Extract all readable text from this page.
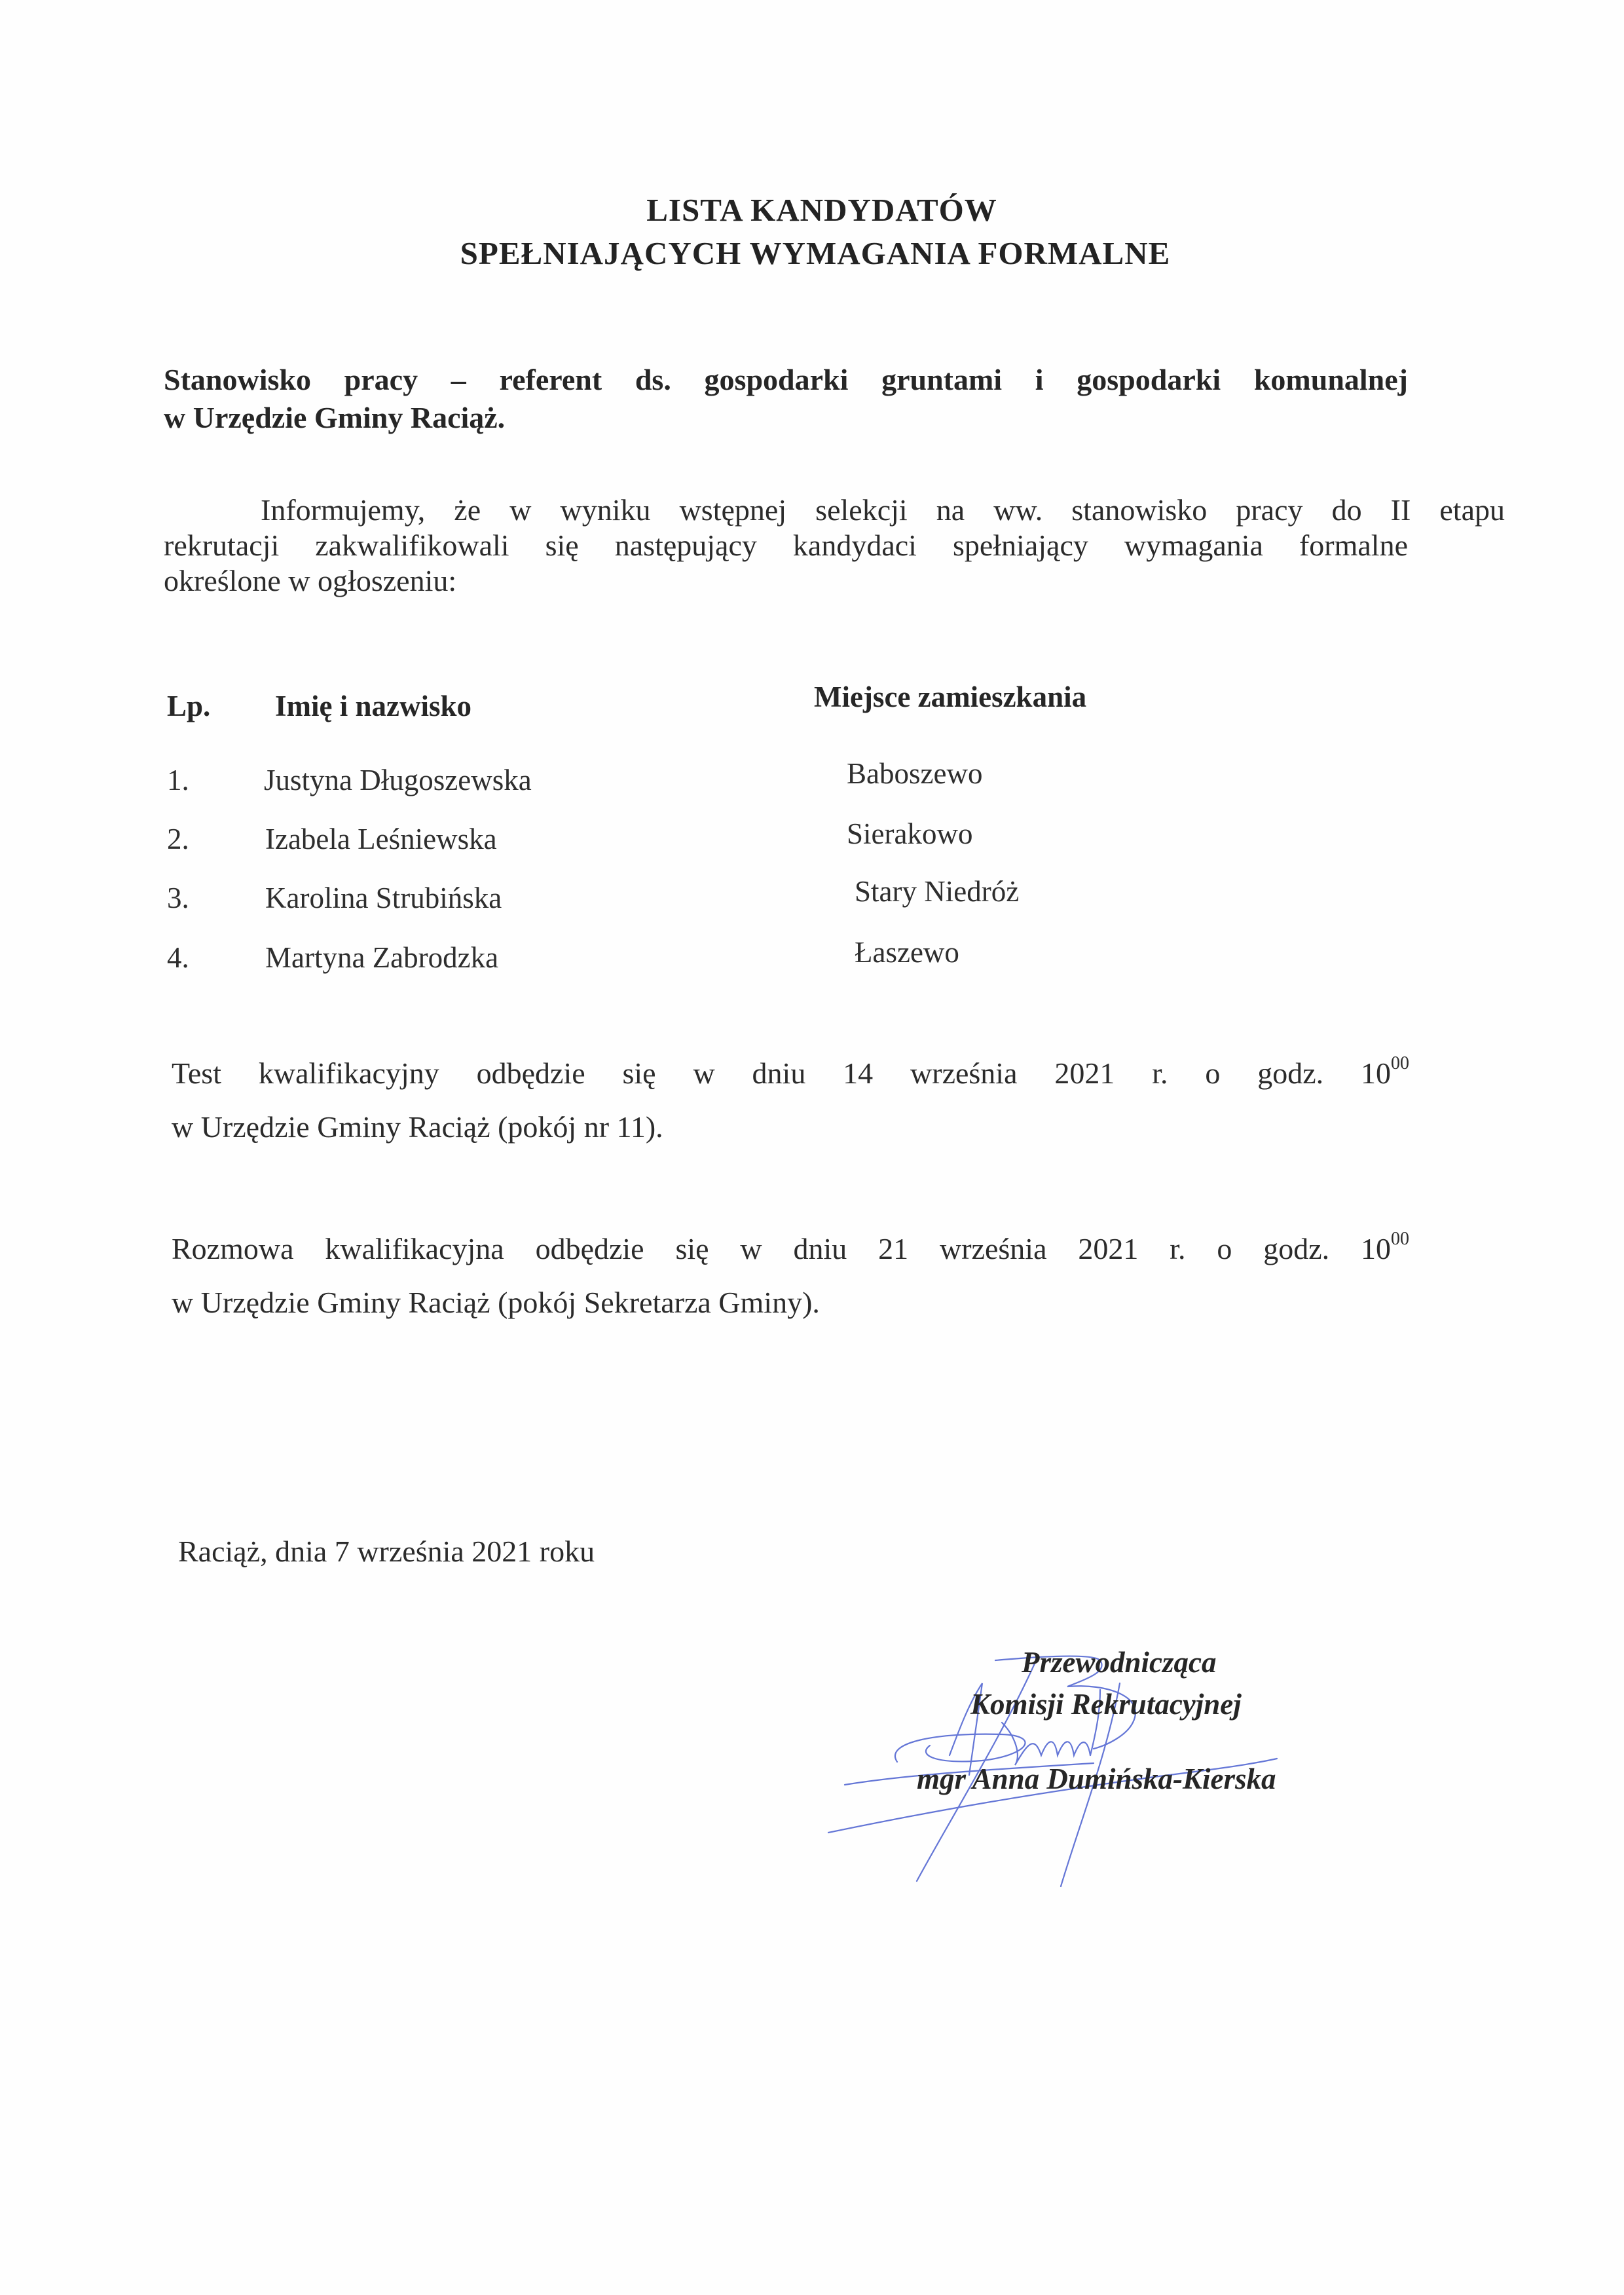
LISTA KANDYDATÓW
SPEŁNIAJĄCYCH WYMAGANIA FORMALNE
Stanowisko pracy – referent ds. gospodarki gruntami i gospodarki komunalnej
w Urzędzie Gminy Raciąż.
Informujemy, że w wyniku wstępnej selekcji na ww. stanowisko pracy do II etapu
rekrutacji zakwalifikowali się następujący kandydaci spełniający wymagania formalne
określone w ogłoszeniu:
Lp. Imię i nazwisko	Miejsce zamieszkania
1.	Justyna Długoszewska	Baboszewo
2.	Izabela Leśniewska	Sierakowo
3.	Karolina Strubińska	Stary Niedróż
4.	Martyna Zabrodzka	Łaszewo
Test kwalifikacyjny odbędzie się w dniu 14 września 2021 r. o godz. $10^{00}$
w Urzędzie Gminy Raciąż (pokój nr 11).
Rozmowa kwalifikacyjna odbędzie się w dniu 21 września 2021 r. o godz. $10^{00}$
w Urzędzie Gminy Raciąż (pokój Sekretarza Gminy).
Raciąż, dnia 7 września 2021 roku
Przewodnicząca
Komisji Rekrutacyjnej
mgr Anna Dumińska-Kierska
